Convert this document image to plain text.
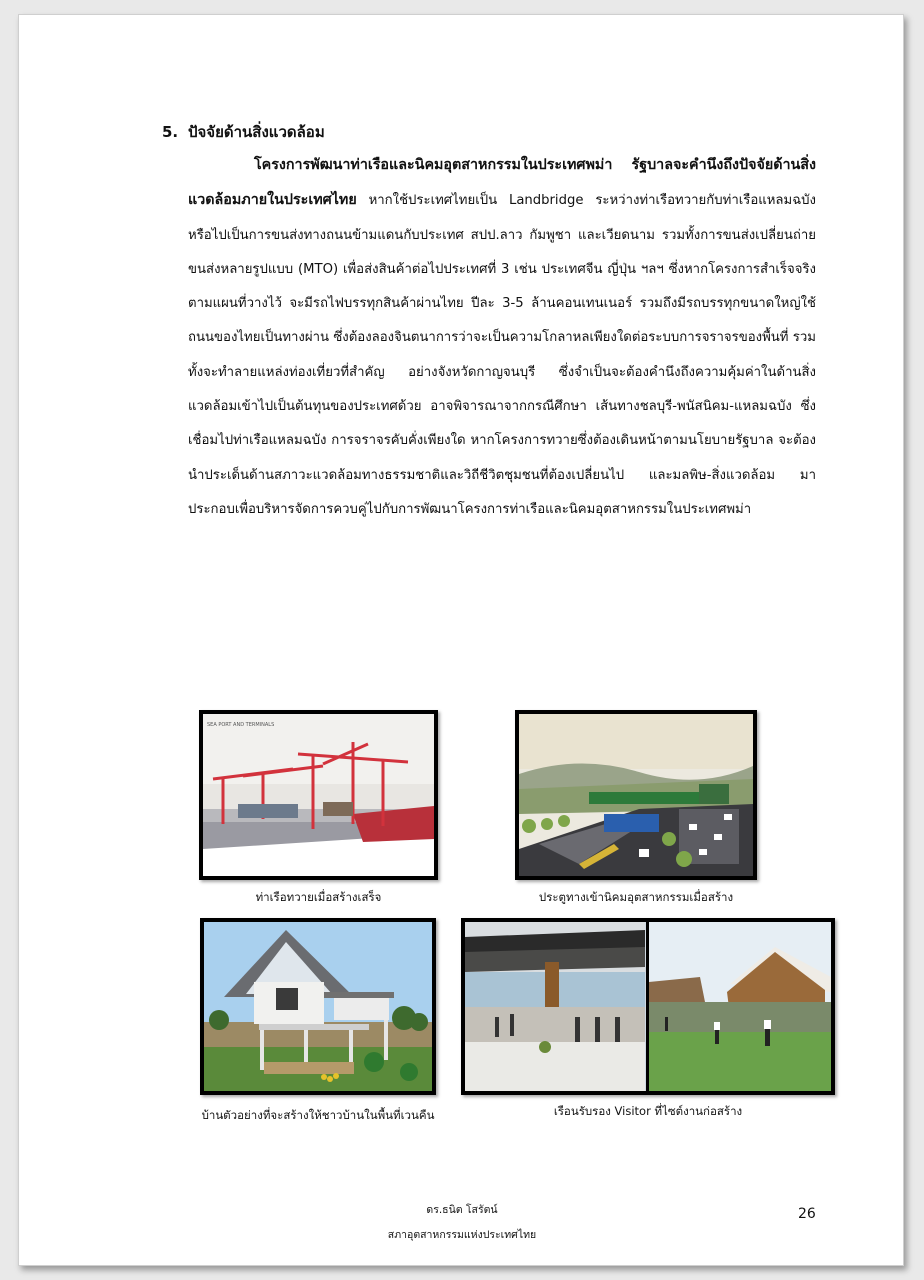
5. ปัจจัยด้านสิ่งแวดล้อม
โครงการพัฒนาท่าเรือและนิคมอุตสาหกรรมในประเทศพม่า รัฐบาลจะคำนึงถึงปัจจัยด้านสิ่งแวดล้อมภายในประเทศไทย หากใช้ประเทศไทยเป็น Landbridge ระหว่างท่าเรือทวายกับท่าเรือแหลมฉบัง หรือไปเป็นการขนส่งทางถนนข้ามแดนกับประเทศ สปป.ลาว กัมพูชา และเวียดนาม รวมทั้งการขนส่งเปลี่ยนถ่าย ขนส่งหลายรูปแบบ (MTO) เพื่อส่งสินค้าต่อไปประเทศที่ 3 เช่น ประเทศจีน ญี่ปุ่น ฯลฯ ซึ่งหากโครงการสำเร็จจริงตามแผนที่วางไว้ จะมีรถไฟบรรทุกสินค้าผ่านไทย ปีละ 3-5 ล้านคอนเทนเนอร์ รวมถึงมีรถบรรทุกขนาดใหญ่ใช้ถนนของไทยเป็นทางผ่าน ซึ่งต้องลองจินตนาการว่าจะเป็นความโกลาหลเพียงใดต่อระบบการจราจรของพื้นที่ รวมทั้งจะทำลายแหล่งท่องเที่ยวที่สำคัญ อย่างจังหวัดกาญจนบุรี ซึ่งจำเป็นจะต้องคำนึงถึงความคุ้มค่าในด้านสิ่งแวดล้อมเข้าไปเป็นต้นทุนของประเทศด้วย อาจพิจารณาจากกรณีศึกษา เส้นทางชลบุรี-พนัสนิคม-แหลมฉบัง ซึ่งเชื่อมไปท่าเรือแหลมฉบัง การจราจรคับคั่งเพียงใด หากโครงการทวายซึ่งต้องเดินหน้าตามนโยบายรัฐบาล จะต้องนำประเด็นด้านสภาวะแวดล้อมทางธรรมชาติและวิถีชีวิตชุมชนที่ต้องเปลี่ยนไป และมลพิษ-สิ่งแวดล้อม มาประกอบเพื่อบริหารจัดการควบคู่ไปกับการพัฒนาโครงการท่าเรือและนิคมอุตสาหกรรมในประเทศพม่า
SEA PORT AND TERMINALS
ท่าเรือทวายเมื่อสร้างเสร็จ	ประตูทางเข้านิคมอุตสาหกรรมเมื่อสร้าง
บ้านตัวอย่างที่จะสร้างให้ชาวบ้านในพื้นที่เวนคืน	เรือนรับรอง Visitor ที่ไซต์งานก่อสร้าง
ดร.ธนิต โสรัตน์
สภาอุตสาหกรรมแห่งประเทศไทย
26
